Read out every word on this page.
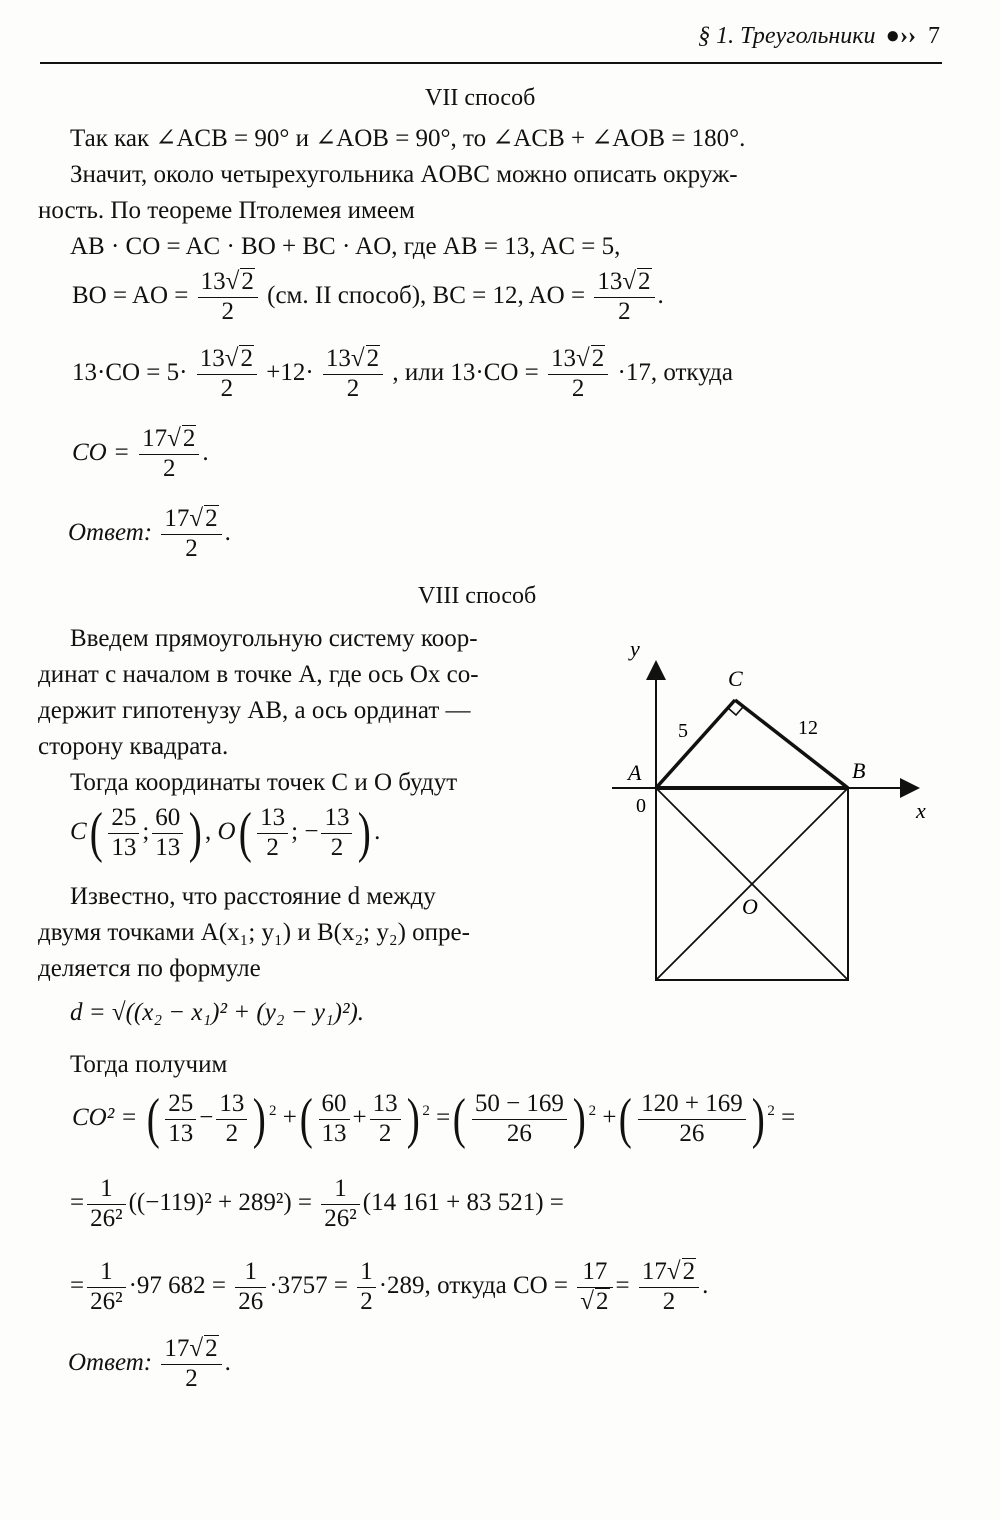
§ 1. Треугольники ●›› 7
VII способ
Так как ∠ACB = 90° и ∠AOB = 90°, то ∠ACB + ∠AOB = 180°.
Значит, около четырехугольника AOBC можно описать окруж-
ность. По теореме Птолемея имеем
AB · CO = AC · BO + BC · AO, где AB = 13, AC = 5,
BO = AO = $\frac{13√2}{2} (см$. II способ), BC = 12, AO = $\frac{13√2}{2}$ .
$13\cdot CO = 5\cdot \frac{13√2}{2} +12\cdot \frac{13√2}{2}$ , или $13\cdot CO = \frac{13√2}{2} \cdot 17$, откуда
CO = $\frac{17√2}{2}$ .
Ответ: $\frac{17√2}{2}$ .
VIII способ
Введем прямоугольную систему коор-
динат с началом в точке A, где ось Ox со-
держит гипотенузу AB, а ось ординат —
сторону квадрата.
Тогда координаты точек C и O будут
$C( \frac{25}{13}$ ; $\frac{60}{13}$ ) , $O( \frac{13}{2}$ ; − $\frac{13}{2}$ ) .
Известно, что расстояние d между
двумя точками A(x₁; y₁) и B(x₂; y₂) опре-
деляется по формуле
d = √((x₂ − x₁)² + (y₂ − y₁)²).
Тогда получим
CO² = ( $\frac{25}{13} - \frac{13}{2}$ ) $^2$ +( $\frac{60}{13} + \frac{13}{2}$ ) $^2$ =( $\frac{50 - 169}{26}$ ) $^2$ +( $\frac{120 + 169}{26}$ ) $^2$ =
= $\frac{1}{\text{26²}} ((-119)^2 + 289^2) = \frac{1}{\text{26²}} (14$ 161 + 83 521) =
= $\frac{1}{\text{26²}} \cdot 97$ $682 = \frac{1}{26} \cdot 3757 = \frac{1}{2} \cdot 289$, откуда CO = $\frac{17}{√2} = \frac{17√2}{2}$ .
Ответ: $\frac{17√2}{2}$ .
y
x
A
0
B
C
O
5	12
